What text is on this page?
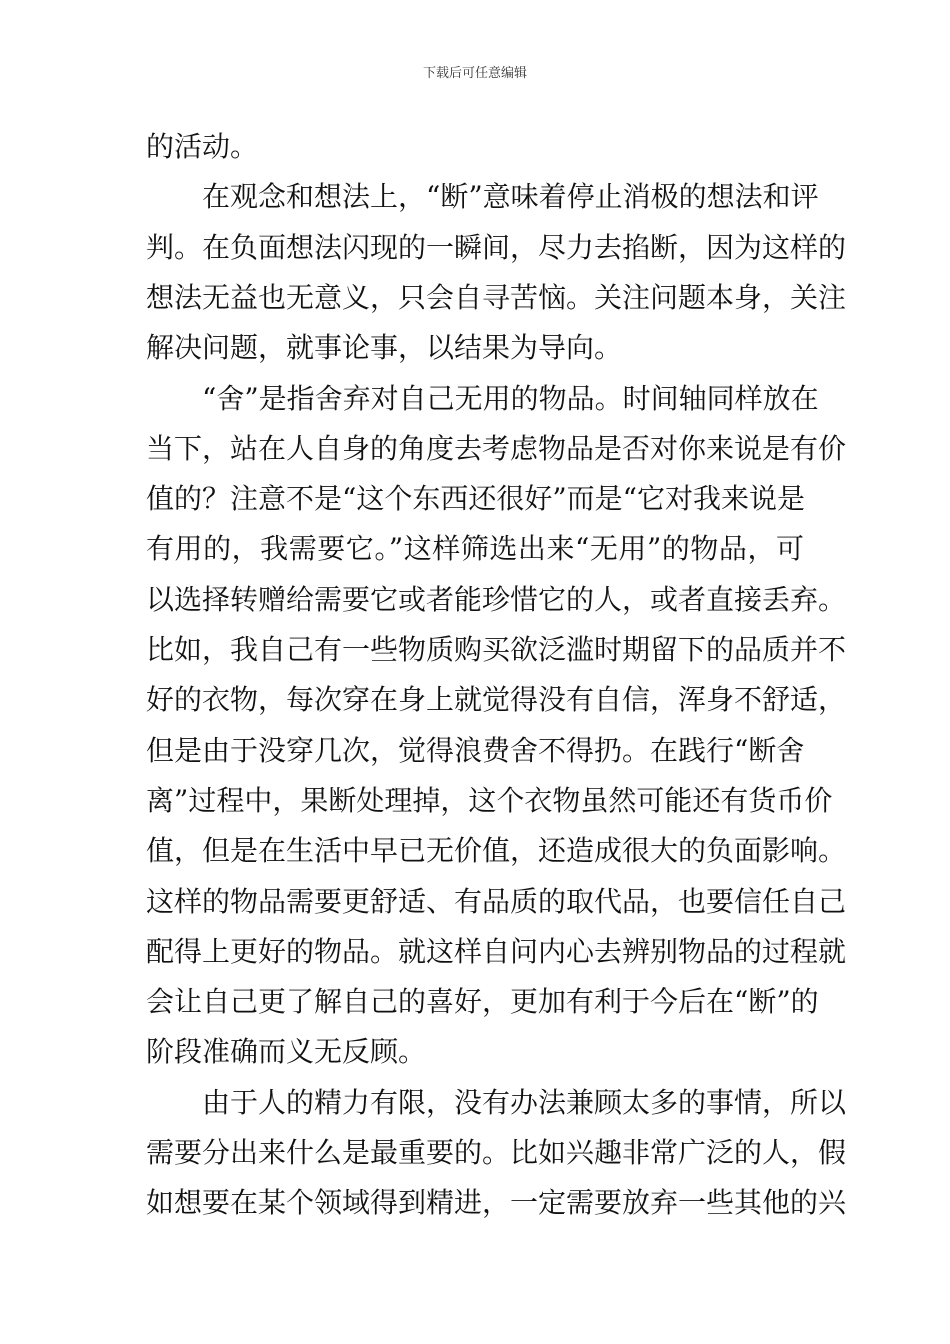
下载后可任意编辑
的活动。
在观念和想法上，“断”意味着停止消极的想法和评
判。在负面想法闪现的一瞬间，尽力去掐断，因为这样的
想法无益也无意义，只会自寻苦恼。关注问题本身，关注
解决问题，就事论事，以结果为导向。
“舍”是指舍弃对自己无用的物品。时间轴同样放在
当下，站在人自身的角度去考虑物品是否对你来说是有价
值的？注意不是“这个东西还很好”而是“它对我来说是
有用的，我需要它。”这样筛选出来“无用”的物品，可
以选择转赠给需要它或者能珍惜它的人，或者直接丢弃。
比如，我自己有一些物质购买欲泛滥时期留下的品质并不
好的衣物，每次穿在身上就觉得没有自信，浑身不舒适，
但是由于没穿几次，觉得浪费舍不得扔。在践行“断舍
离”过程中，果断处理掉，这个衣物虽然可能还有货币价
值，但是在生活中早已无价值，还造成很大的负面影响。
这样的物品需要更舒适、有品质的取代品，也要信任自己
配得上更好的物品。就这样自问内心去辨别物品的过程就
会让自己更了解自己的喜好，更加有利于今后在“断”的
阶段准确而义无反顾。
由于人的精力有限，没有办法兼顾太多的事情，所以
需要分出来什么是最重要的。比如兴趣非常广泛的人，假
如想要在某个领域得到精进，一定需要放弃一些其他的兴
